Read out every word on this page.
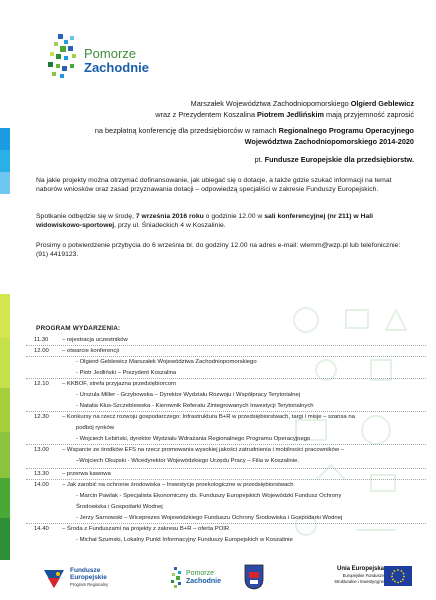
Pomorze
Zachodnie
Marszałek Województwa Zachodniopomorskiego Olgierd Geblewicz
wraz z Prezydentem Koszalina Piotrem Jedlińskim mają przyjemność zaprosić
na bezpłatną konferencję dla przedsiębiorców w ramach Regionalnego Programu Operacyjnego
Województwa Zachodniopomorskiego 2014-2020
pt. Fundusze Europejskie dla przedsiębiorstw.
Na jakie projekty można otrzymać dofinansowanie, jak ubiegać się o dotacje, a także gdzie szukać informacji na temat naborów wniosków oraz zasad przyznawania dotacji – odpowiedzą specjaliści w zakresie Funduszy Europejskich.
Spotkanie odbędzie się w środę, 7 września 2016 roku o godzinie 12.00 w sali konferencyjnej (nr 211) w Hali widowiskowo-sportowej, przy ul. Śniadeckich 4 w Koszalinie.
Prosimy o potwierdzenie przybycia do 6 września br. do godziny 12.00 na adres e-mail: wlemm@wzp.pl lub telefonicznie: (91) 4419123.
PROGRAM WYDARZENIA:
11.30 – rejestracja uczestników
12.00 – otwarcie konferencji
- Olgierd Geblewicz Marszałek Województwa Zachodniopomorskiego
- Piotr Jedliński – Prezydent Koszalina
12.10 – KKBOF, strefa przyjazna przedsiębiorcom
- Urszula Miller - Grzybowska – Dyrektor Wydziału Rozwoju i Współpracy Terytorialnej
- Natalia Kłus-Szczeblewska - Kierownik Referatu Zintegrowanych Inwestycji Terytorialnych
12.30 – Konkursy na rzecz rozwoju gospodarczego: Infrastruktura B+R w przedsiębiorstwach, targi i misje – szansa na
podbój rynków
- Wojciech Łebiński, dyrektor Wydziału Wdrażania Regionalnego Programu Operacyjnego
13.00 – Wsparcie ze środków EFS na rzecz promowania wysokiej jakości zatrudnienia i mobilności pracowników –
–Wojciech Okupski - Wicedyrektor Wojewódzkiego Urzędu Pracy – Filia w Koszalinie.
13.30 – przerwa kawowa
14.00 – Jak zarobić na ochronie środowiska – Inwestycje proekologiczne w przedsiębiorstwach
- Marcin Pawlak - Specjalista Ekonomiczny ds. Funduszy Europejskich Wojewódzki Fundusz Ochrony
Środowiska i Gospodarki Wodnej
- Jerzy Sarnowski – Wiceprezes Wojewódzkiego Funduszu Ochrony Środowiska i Gospodarki Wodnej
14.40 – Środa z Funduszami na projekty z zakresu B+R – oferta POIR
- Michał Szumski, Lokalny Punkt Informacyjny Funduszy Europejskich w Koszalinie
Fundusze
Europejskie
Program Regionalny
Pomorze
Zachodnie
Unia Europejska
Europejskie Fundusze
Strukturalne i Inwestycyjne
